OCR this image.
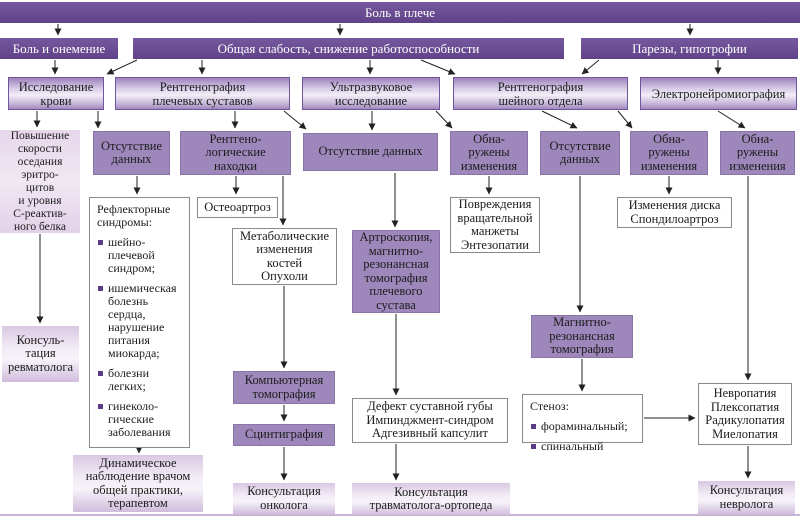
Боль в плече
Боль и онемение	Общая слабость, снижение работоспособности	Парезы, гипотрофии
Исследование
крови
Рентгенография
плечевых суставов
Ультразвуковое
исследование
Рентгенография
шейного отдела	Электронейромиография
Повышение
скорости
оседания
эритро-
цитов
и уровня
С-реактив-
ного белка
Отсутствие
данных
Рентгено-
логические
находки
Отсутствие данных
Обна-
ружены
изменения
Отсутствие
данных
Обна-
ружены
изменения
Обна-
ружены
изменения
Рефлекторные
синдромы:
шейно-
плечевой
синдром;
ишемическая
болезнь
сердца,
нарушение
питания
миокарда;
болезни
легких;
гинеколо-
гические
заболевания
Остеоартроз
Метаболические
изменения
костей
Опухоли
Повреждения
вращательной
манжеты
Энтезопатии
Изменения диска
Спондилоартроз
Артроскопия,
магнитно-
резонансная
томография
плечевого
сустава
Магнитно-
резонансная
томография
Компьютерная
томография
Сцинтиграфия
Дефект суставной губы
Импинджмент-синдром
Адгезивный капсулит
Стеноз:
фораминальный;
спинальный
Невропатия
Плексопатия
Радикулопатия
Миелопатия
Консуль-
тация
ревматолога
Динамическое
наблюдение врачом
общей практики,
терапевтом
Консультация
онколога
Консультация
травматолога-ортопеда
Консультация
невролога
